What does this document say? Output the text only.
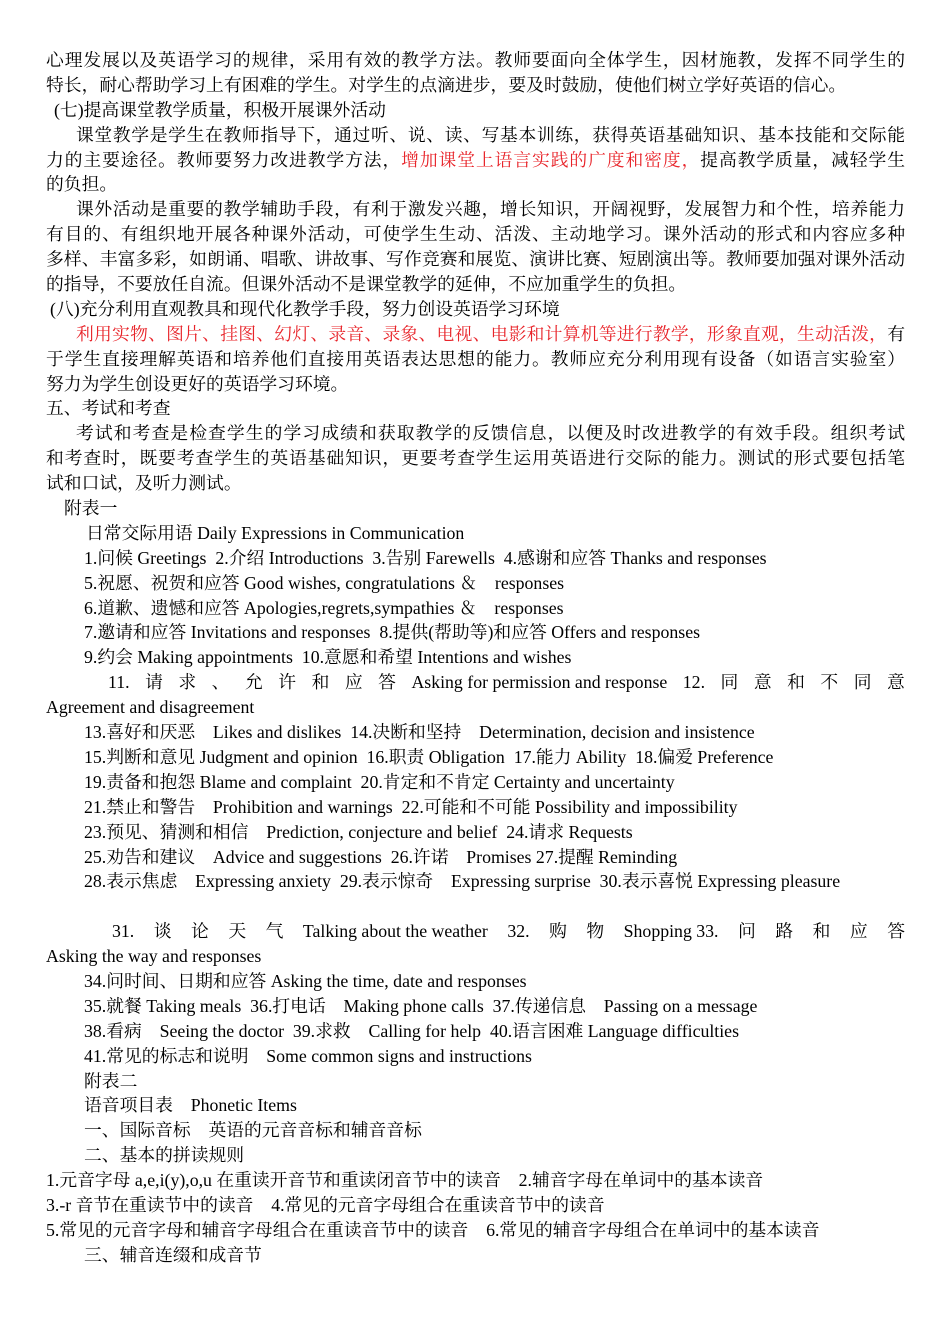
心理发展以及英语学习的规律，采用有效的教学方法。教师要面向全体学生，因材施教，发挥不同学生的
特长，耐心帮助学习上有困难的学生。对学生的点滴进步，要及时鼓励，使他们树立学好英语的信心。
(七)提高课堂教学质量，积极开展课外活动
课堂教学是学生在教师指导下，通过听、说、读、写基本训练，获得英语基础知识、基本技能和交际能
力的主要途径。教师要努力改进教学方法，增加课堂上语言实践的广度和密度，提高教学质量，减轻学生
的负担。
课外活动是重要的教学辅助手段，有利于激发兴趣，增长知识，开阔视野，发展智力和个性，培养能力
有目的、有组织地开展各种课外活动，可使学生生动、活泼、主动地学习。课外活动的形式和内容应多种
多样、丰富多彩，如朗诵、唱歌、讲故事、写作竞赛和展览、演讲比赛、短剧演出等。教师要加强对课外活动
的指导，不要放任自流。但课外活动不是课堂教学的延伸，不应加重学生的负担。
(八)充分利用直观教具和现代化教学手段，努力创设英语学习环境
利用实物、图片、挂图、幻灯、录音、录象、电视、电影和计算机等进行教学，形象直观，生动活泼，有
于学生直接理解英语和培养他们直接用英语表达思想的能力。教师应充分利用现有设备（如语言实验室）
努力为学生创设更好的英语学习环境。
五、考试和考查
考试和考查是检查学生的学习成绩和获取教学的反馈信息，以便及时改进教学的有效手段。组织考试
和考查时，既要考查学生的英语基础知识，更要考查学生运用英语进行交际的能力。测试的形式要包括笔
试和口试，及听力测试。
附表一
日常交际用语 Daily Expressions in Communication
1.问候 Greetings  2.介绍 Introductions  3.告别 Farewells  4.感谢和应答 Thanks and responses
5.祝愿、祝贺和应答 Good wishes, congratulations ＆    responses
6.道歉、遗憾和应答 Apologies,regrets,sympathies ＆    responses
7.邀请和应答 Invitations and responses  8.提供(帮助等)和应答 Offers and responses
9.约会 Making appointments  10.意愿和希望 Intentions and wishes
11. 请 求 、 允 许 和 应 答 Asking for permission and response 12. 同 意 和 不 同 意
Agreement and disagreement
13.喜好和厌恶    Likes and dislikes  14.决断和坚持    Determination, decision and insistence
15.判断和意见 Judgment and opinion  16.职责 Obligation  17.能力 Ability  18.偏爱 Preference
19.责备和抱怨 Blame and complaint  20.肯定和不肯定 Certainty and uncertainty
21.禁止和警告    Prohibition and warnings  22.可能和不可能 Possibility and impossibility
23.预见、猜测和相信    Prediction, conjecture and belief  24.请求 Requests
25.劝告和建议    Advice and suggestions  26.许诺    Promises 27.提醒 Reminding
28.表示焦虑    Expressing anxiety  29.表示惊奇    Expressing surprise  30.表示喜悦 Expressing pleasure
31. 谈 论 天 气 Talking about the weather 32. 购 物 Shopping 33. 问 路 和 应 答
Asking the way and responses
34.问时间、日期和应答 Asking the time, date and responses
35.就餐 Taking meals  36.打电话    Making phone calls  37.传递信息    Passing on a message
38.看病    Seeing the doctor  39.求救    Calling for help  40.语言困难 Language difficulties
41.常见的标志和说明    Some common signs and instructions
附表二
语音项目表    Phonetic Items
一、国际音标    英语的元音音标和辅音音标
二、基本的拼读规则
1.元音字母 a,e,i(y),o,u 在重读开音节和重读闭音节中的读音    2.辅音字母在单词中的基本读音
3.-r 音节在重读节中的读音    4.常见的元音字母组合在重读音节中的读音
5.常见的元音字母和辅音字母组合在重读音节中的读音    6.常见的辅音字母组合在单词中的基本读音
三、辅音连缀和成音节
